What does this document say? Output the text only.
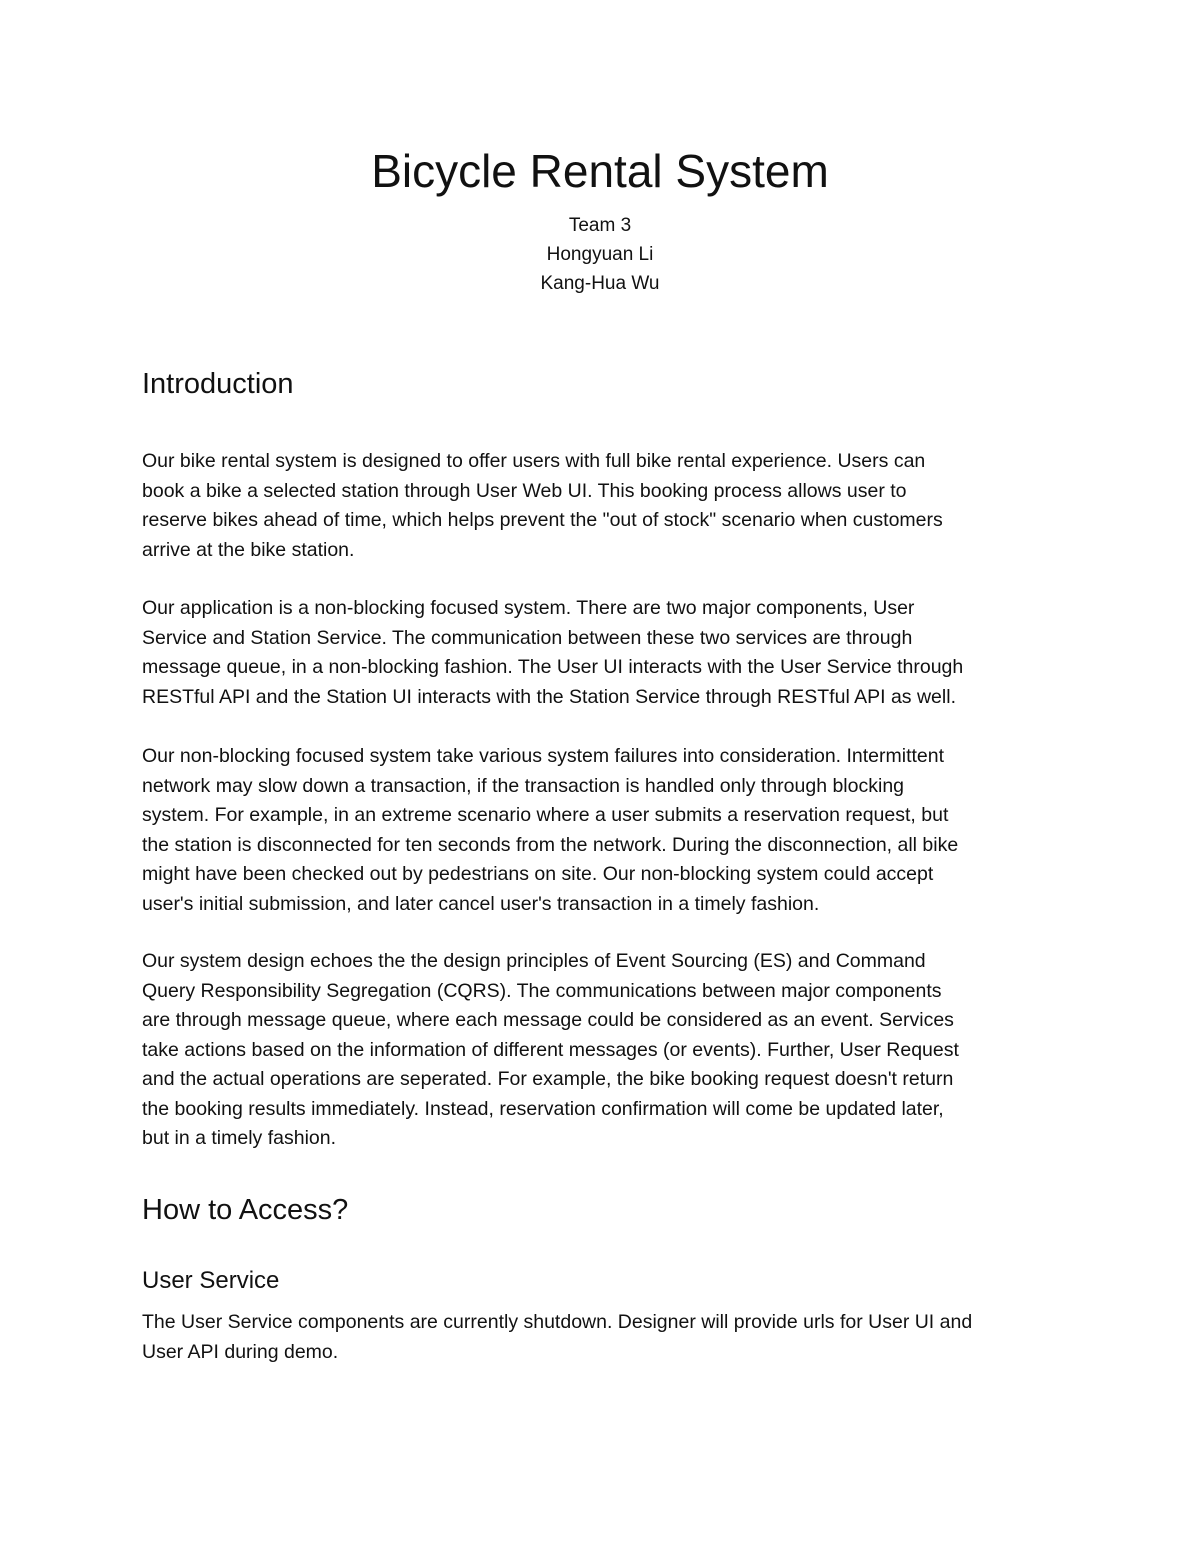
Bicycle Rental System

Team 3

Hongyuan Li

Kang-Hua Wu

Introduction

Our bike rental system is designed to offer users with full bike rental experience. Users can
book a bike a selected station through User Web UI. This booking process allows user to
reserve bikes ahead of time, which helps prevent the "out of stock" scenario when customers
arrive at the bike station.

Our application is a non-blocking focused system. There are two major components, User
Service and Station Service. The communication between these two services are through
message queue, in a non-blocking fashion. The User UI interacts with the User Service through
RESTful API and the Station UI interacts with the Station Service through RESTful API as well.

Our non-blocking focused system take various system failures into consideration. Intermittent
network may slow down a transaction, if the transaction is handled only through blocking
system. For example, in an extreme scenario where a user submits a reservation request, but
the station is disconnected for ten seconds from the network. During the disconnection, all bike
might have been checked out by pedestrians on site. Our non-blocking system could accept
user's initial submission, and later cancel user's transaction in a timely fashion.

Our system design echoes the the design principles of Event Sourcing (ES) and Command
Query Responsibility Segregation (CQRS). The communications between major components
are through message queue, where each message could be considered as an event. Services
take actions based on the information of different messages (or events). Further, User Request
and the actual operations are seperated. For example, the bike booking request doesn't return
the booking results immediately. Instead, reservation confirmation will come be updated later,
but in a timely fashion.

How to Access?
User Service

The User Service components are currently shutdown. Designer will provide urls for User UI and
User API during demo.
